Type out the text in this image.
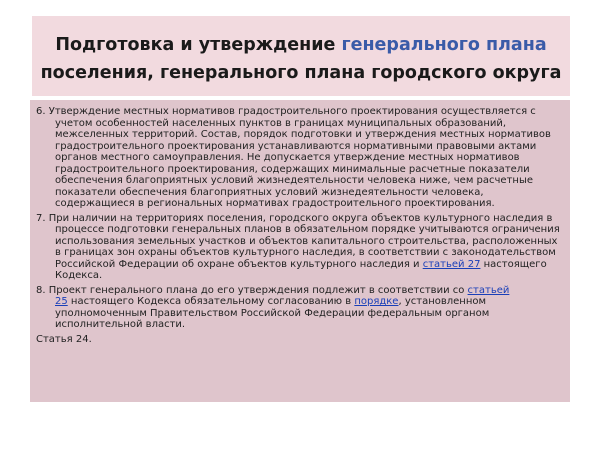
Подготовка и утверждение генерального плана
поселения, генерального плана городского округа
6. Утверждение местных нормативов градостроительного проектирования осуществляется с
учетом особенностей населенных пунктов в границах муниципальных образований,
межселенных территорий. Состав, порядок подготовки и утверждения местных нормативов
градостроительного проектирования устанавливаются нормативными правовыми актами
органов местного самоуправления. Не допускается утверждение местных нормативов
градостроительного проектирования, содержащих минимальные расчетные показатели
обеспечения благоприятных условий жизнедеятельности человека ниже, чем расчетные
показатели обеспечения благоприятных условий жизнедеятельности человека,
содержащиеся в региональных нормативах градостроительного проектирования.
7. При наличии на территориях поселения, городского округа объектов культурного наследия в
процессе подготовки генеральных планов в обязательном порядке учитываются ограничения
использования земельных участков и объектов капитального строительства, расположенных
в границах зон охраны объектов культурного наследия, в соответствии с законодательством
Российской Федерации об охране объектов культурного наследия и статьей 27 настоящего
Кодекса.
8. Проект генерального плана до его утверждения подлежит в соответствии со статьей
25 настоящего Кодекса обязательному согласованию в порядке, установленном
уполномоченным Правительством Российской Федерации федеральным органом
исполнительной власти.
Статья 24.
